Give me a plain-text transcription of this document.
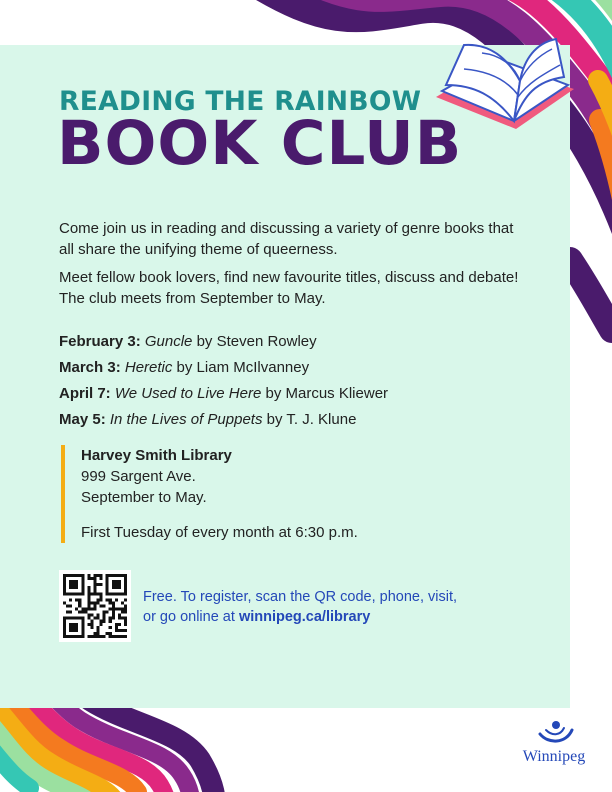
READING THE RAINBOW
BOOK CLUB

Come join us in reading and discussing a variety of genre books that all share the unifying theme of queerness.

Meet fellow book lovers, find new favourite titles, discuss and debate! The club meets from September to May.

February 3: Guncle by Steven Rowley
March 3: Heretic by Liam McIlvanney
April 7: We Used to Live Here by Marcus Kliewer
May 5: In the Lives of Puppets by T. J. Klune
Harvey Smith Library
999 Sargent Ave.
September to May.
First Tuesday of every month at 6:30 p.m.

Free. To register, scan the QR code, phone, visit, or go online at winnipeg.ca/library

Winnipeg
